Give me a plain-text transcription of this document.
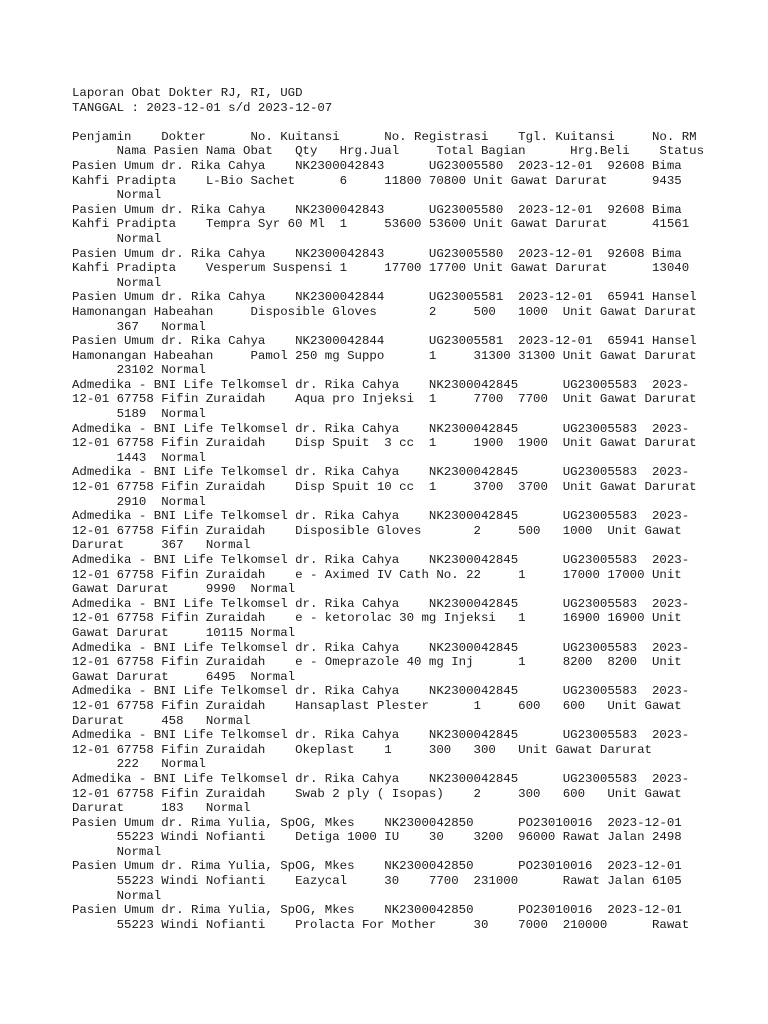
Laporan Obat Dokter RJ, RI, UGD
TANGGAL : 2023-12-01 s/d 2023-12-07
Penjamin    Dokter      No. Kuitansi      No. Registrasi    Tgl. Kuitansi     No. RM
Nama Pasien Nama Obat   Qty   Hrg.Jual     Total Bagian      Hrg.Beli    Status
Pasien Umum dr. Rika Cahya    NK2300042843      UG23005580  2023-12-01  92608 Bima
Kahfi Pradipta    L-Bio Sachet      6     11800 70800 Unit Gawat Darurat      9435
Normal
Pasien Umum dr. Rika Cahya    NK2300042843      UG23005580  2023-12-01  92608 Bima
Kahfi Pradipta    Tempra Syr 60 Ml  1     53600 53600 Unit Gawat Darurat      41561
Normal
Pasien Umum dr. Rika Cahya    NK2300042843      UG23005580  2023-12-01  92608 Bima
Kahfi Pradipta    Vesperum Suspensi 1     17700 17700 Unit Gawat Darurat      13040
Normal
Pasien Umum dr. Rika Cahya    NK2300042844      UG23005581  2023-12-01  65941 Hansel
Hamonangan Habeahan     Disposible Gloves       2     500   1000  Unit Gawat Darurat
367   Normal
Pasien Umum dr. Rika Cahya    NK2300042844      UG23005581  2023-12-01  65941 Hansel
Hamonangan Habeahan     Pamol 250 mg Suppo      1     31300 31300 Unit Gawat Darurat
23102 Normal
Admedika - BNI Life Telkomsel dr. Rika Cahya    NK2300042845      UG23005583  2023-
12-01 67758 Fifin Zuraidah    Aqua pro Injeksi  1     7700  7700  Unit Gawat Darurat
5189  Normal
Admedika - BNI Life Telkomsel dr. Rika Cahya    NK2300042845      UG23005583  2023-
12-01 67758 Fifin Zuraidah    Disp Spuit  3 cc  1     1900  1900  Unit Gawat Darurat
1443  Normal
Admedika - BNI Life Telkomsel dr. Rika Cahya    NK2300042845      UG23005583  2023-
12-01 67758 Fifin Zuraidah    Disp Spuit 10 cc  1     3700  3700  Unit Gawat Darurat
2910  Normal
Admedika - BNI Life Telkomsel dr. Rika Cahya    NK2300042845      UG23005583  2023-
12-01 67758 Fifin Zuraidah    Disposible Gloves       2     500   1000  Unit Gawat
Darurat     367   Normal
Admedika - BNI Life Telkomsel dr. Rika Cahya    NK2300042845      UG23005583  2023-
12-01 67758 Fifin Zuraidah    e - Aximed IV Cath No. 22     1     17000 17000 Unit
Gawat Darurat     9990  Normal
Admedika - BNI Life Telkomsel dr. Rika Cahya    NK2300042845      UG23005583  2023-
12-01 67758 Fifin Zuraidah    e - ketorolac 30 mg Injeksi   1     16900 16900 Unit
Gawat Darurat     10115 Normal
Admedika - BNI Life Telkomsel dr. Rika Cahya    NK2300042845      UG23005583  2023-
12-01 67758 Fifin Zuraidah    e - Omeprazole 40 mg Inj      1     8200  8200  Unit
Gawat Darurat     6495  Normal
Admedika - BNI Life Telkomsel dr. Rika Cahya    NK2300042845      UG23005583  2023-
12-01 67758 Fifin Zuraidah    Hansaplast Plester      1     600   600   Unit Gawat
Darurat     458   Normal
Admedika - BNI Life Telkomsel dr. Rika Cahya    NK2300042845      UG23005583  2023-
12-01 67758 Fifin Zuraidah    Okeplast    1     300   300   Unit Gawat Darurat
222   Normal
Admedika - BNI Life Telkomsel dr. Rika Cahya    NK2300042845      UG23005583  2023-
12-01 67758 Fifin Zuraidah    Swab 2 ply ( Isopas)    2     300   600   Unit Gawat
Darurat     183   Normal
Pasien Umum dr. Rima Yulia, SpOG, Mkes    NK2300042850      PO23010016  2023-12-01
55223 Windi Nofianti    Detiga 1000 IU    30    3200  96000 Rawat Jalan 2498
Normal
Pasien Umum dr. Rima Yulia, SpOG, Mkes    NK2300042850      PO23010016  2023-12-01
55223 Windi Nofianti    Eazycal     30    7700  231000      Rawat Jalan 6105
Normal
Pasien Umum dr. Rima Yulia, SpOG, Mkes    NK2300042850      PO23010016  2023-12-01
55223 Windi Nofianti    Prolacta For Mother     30    7000  210000      Rawat
